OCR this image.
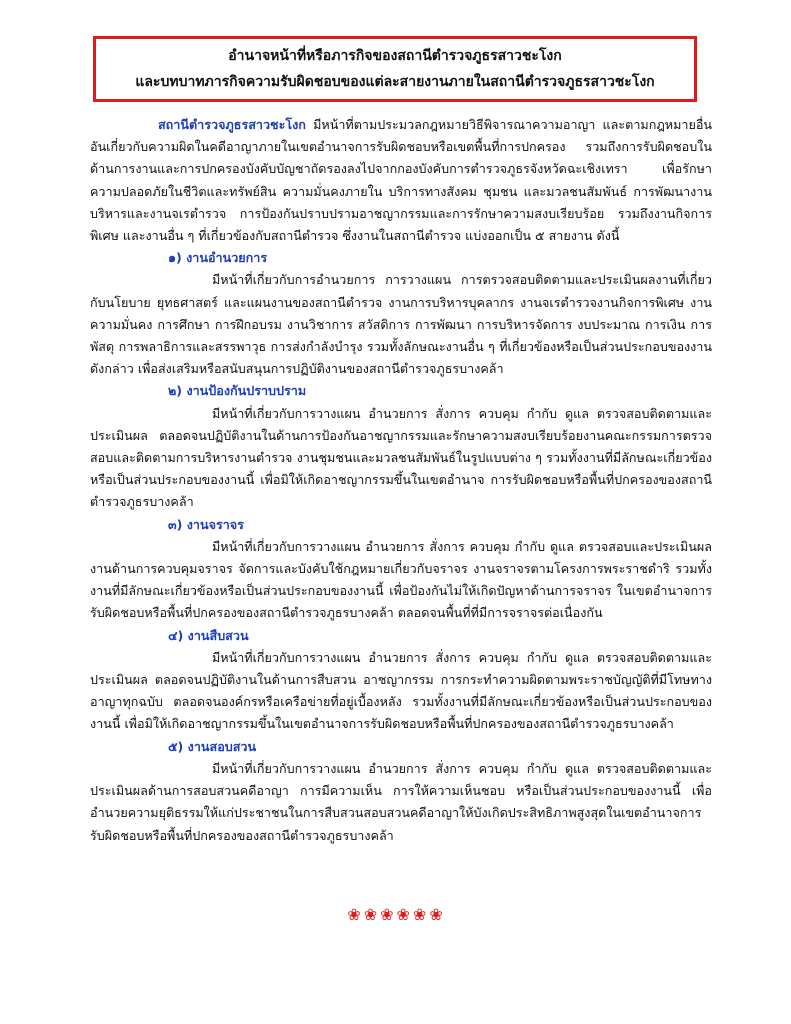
อำนาจหน้าที่หรือภารกิจของสถานีตำรวจภูธรสาวชะโงก
และบทบาทภารกิจความรับผิดชอบของแต่ละสายงานภายในสถานีตำรวจภูธรสาวชะโงก

สถานีตำรวจภูธรสาวชะโงก มีหน้าที่ตามประมวลกฎหมายวิธีพิจารณาความอาญา และตามกฎหมายอื่นอันเกี่ยวกับความผิดในคดีอาญาภายในเขตอำนาจการรับผิดชอบหรือเขตพื้นที่การปกครอง รวมถึงการรับผิดชอบในด้านการงานและการปกครองบังคับบัญชาถัดรองลงไปจากกองบังคับการตำรวจภูธรจังหวัดฉะเชิงเทรา เพื่อรักษาความปลอดภัยในชีวิตและทรัพย์สิน ความมั่นคงภายใน บริการทางสังคม ชุมชน และมวลชนสัมพันธ์ การพัฒนางานบริหารและงานจเรตำรวจ การป้องกันปราบปรามอาชญากรรมและการรักษาความสงบเรียบร้อย รวมถึงงานกิจการพิเศษ และงานอื่น ๆ ที่เกี่ยวข้องกับสถานีตำรวจ ซึ่งงานในสถานีตำรวจ แบ่งออกเป็น ๕ สายงาน ดังนี้

๑) งานอำนวยการ

มีหน้าที่เกี่ยวกับการอำนวยการ การวางแผน การตรวจสอบติดตามและประเมินผลงานที่เกี่ยวกับนโยบาย ยุทธศาสตร์ และแผนงานของสถานีตำรวจ งานการบริหารบุคลากร งานจเรตำรวจงานกิจการพิเศษ งานความมั่นคง การศึกษา การฝึกอบรม งานวิชาการ สวัสดิการ การพัฒนา การบริหารจัดการ งบประมาณ การเงิน การพัสดุ การพลาธิการและสรรพาวุธ การส่งกำลังบำรุง รวมทั้งลักษณะงานอื่น ๆ ที่เกี่ยวข้องหรือเป็นส่วนประกอบของงานดังกล่าว เพื่อส่งเสริมหรือสนับสนุนการปฏิบัติงานของสถานีตำรวจภูธรบางคล้า

๒) งานป้องกันปราบปราม

มีหน้าที่เกี่ยวกับการวางแผน อำนวยการ สั่งการ ควบคุม กำกับ ดูแล ตรวจสอบติดตามและประเมินผล ตลอดจนปฏิบัติงานในด้านการป้องกันอาชญากรรมและรักษาความสงบเรียบร้อยงานคณะกรรมการตรวจสอบและติดตามการบริหารงานตำรวจ งานชุมชนและมวลชนสัมพันธ์ในรูปแบบต่าง ๆ รวมทั้งงานที่มีลักษณะเกี่ยวข้องหรือเป็นส่วนประกอบของงานนี้ เพื่อมิให้เกิดอาชญากรรมขึ้นในเขตอำนาจ การรับผิดชอบหรือพื้นที่ปกครองของสถานีตำรวจภูธรบางคล้า

๓) งานจราจร

มีหน้าที่เกี่ยวกับการวางแผน อำนวยการ สั่งการ ควบคุม กำกับ ดูแล ตรวจสอบและประเมินผลงานด้านการควบคุมจราจร จัดการและบังคับใช้กฎหมายเกี่ยวกับจราจร งานจราจรตามโครงการพระราชดำริ รวมทั้งงานที่มีลักษณะเกี่ยวข้องหรือเป็นส่วนประกอบของงานนี้ เพื่อป้องกันไม่ให้เกิดปัญหาด้านการจราจร ในเขตอำนาจการรับผิดชอบหรือพื้นที่ปกครองของสถานีตำรวจภูธรบางคล้า ตลอดจนพื้นที่ที่มีการจราจรต่อเนื่องกัน

๔) งานสืบสวน

มีหน้าที่เกี่ยวกับการวางแผน อำนวยการ สั่งการ ควบคุม กำกับ ดูแล ตรวจสอบติดตามและประเมินผล ตลอดจนปฏิบัติงานในด้านการสืบสวน อาชญากรรม การกระทำความผิดตามพระราชบัญญัติที่มีโทษทางอาญาทุกฉบับ ตลอดจนองค์กรหรือเครือข่ายที่อยู่เบื้องหลัง รวมทั้งงานที่มีลักษณะเกี่ยวข้องหรือเป็นส่วนประกอบของงานนี้ เพื่อมิให้เกิดอาชญากรรมขึ้นในเขตอำนาจการรับผิดชอบหรือพื้นที่ปกครองของสถานีตำรวจภูธรบางคล้า

๕) งานสอบสวน

มีหน้าที่เกี่ยวกับการวางแผน อำนวยการ สั่งการ ควบคุม กำกับ ดูแล ตรวจสอบติดตามและประเมินผลด้านการสอบสวนคดีอาญา การมีความเห็น การให้ความเห็นชอบ หรือเป็นส่วนประกอบของงานนี้ เพื่ออำนวยความยุติธรรมให้แก่ประชาชนในการสืบสวนสอบสวนคดีอาญาให้บังเกิดประสิทธิภาพสูงสุดในเขตอำนาจการรับผิดชอบหรือพื้นที่ปกครองของสถานีตำรวจภูธรบางคล้า

❀ ❀ ❀ ❀ ❀ ❀
